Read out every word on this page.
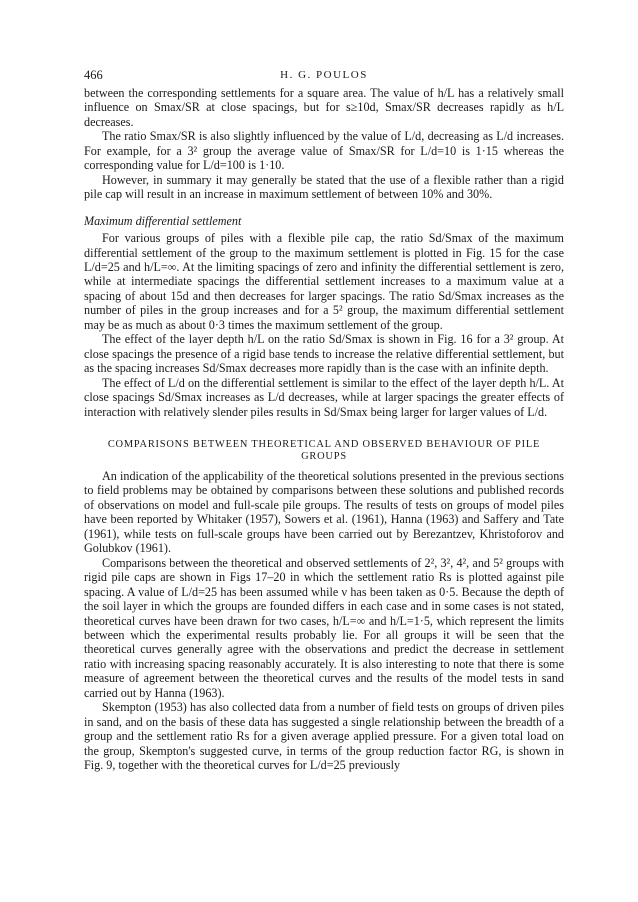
466	H. G. POULOS

between the corresponding settlements for a square area. The value of h/L has a relatively small influence on Smax/SR at close spacings, but for s≥10d, Smax/SR decreases rapidly as h/L decreases.

The ratio Smax/SR is also slightly influenced by the value of L/d, decreasing as L/d increases. For example, for a 3² group the average value of Smax/SR for L/d=10 is 1·15 whereas the corresponding value for L/d=100 is 1·10.

However, in summary it may generally be stated that the use of a flexible rather than a rigid pile cap will result in an increase in maximum settlement of between 10% and 30%.

Maximum differential settlement

For various groups of piles with a flexible pile cap, the ratio Sd/Smax of the maximum differential settlement of the group to the maximum settlement is plotted in Fig. 15 for the case L/d=25 and h/L=∞. At the limiting spacings of zero and infinity the differential settlement is zero, while at intermediate spacings the differential settlement increases to a maximum value at a spacing of about 15d and then decreases for larger spacings. The ratio Sd/Smax increases as the number of piles in the group increases and for a 5² group, the maximum differential settlement may be as much as about 0·3 times the maximum settlement of the group.

The effect of the layer depth h/L on the ratio Sd/Smax is shown in Fig. 16 for a 3² group. At close spacings the presence of a rigid base tends to increase the relative differential settlement, but as the spacing increases Sd/Smax decreases more rapidly than is the case with an infinite depth.

The effect of L/d on the differential settlement is similar to the effect of the layer depth h/L. At close spacings Sd/Smax increases as L/d decreases, while at larger spacings the greater effects of interaction with relatively slender piles results in Sd/Smax being larger for larger values of L/d.

COMPARISONS BETWEEN THEORETICAL AND OBSERVED BEHAVIOUR OF PILE GROUPS

An indication of the applicability of the theoretical solutions presented in the previous sections to field problems may be obtained by comparisons between these solutions and published records of observations on model and full-scale pile groups. The results of tests on groups of model piles have been reported by Whitaker (1957), Sowers et al. (1961), Hanna (1963) and Saffery and Tate (1961), while tests on full-scale groups have been carried out by Berezantzev, Khristoforov and Golubkov (1961).

Comparisons between the theoretical and observed settlements of 2², 3², 4², and 5² groups with rigid pile caps are shown in Figs 17–20 in which the settlement ratio Rs is plotted against pile spacing. A value of L/d=25 has been assumed while ν has been taken as 0·5. Because the depth of the soil layer in which the groups are founded differs in each case and in some cases is not stated, theoretical curves have been drawn for two cases, h/L=∞ and h/L=1·5, which represent the limits between which the experimental results probably lie. For all groups it will be seen that the theoretical curves generally agree with the observations and predict the decrease in settlement ratio with increasing spacing reasonably accurately. It is also interesting to note that there is some measure of agreement between the theoretical curves and the results of the model tests in sand carried out by Hanna (1963).

Skempton (1953) has also collected data from a number of field tests on groups of driven piles in sand, and on the basis of these data has suggested a single relationship between the breadth of a group and the settlement ratio Rs for a given average applied pressure. For a given total load on the group, Skempton's suggested curve, in terms of the group reduction factor RG, is shown in Fig. 9, together with the theoretical curves for L/d=25 previously
